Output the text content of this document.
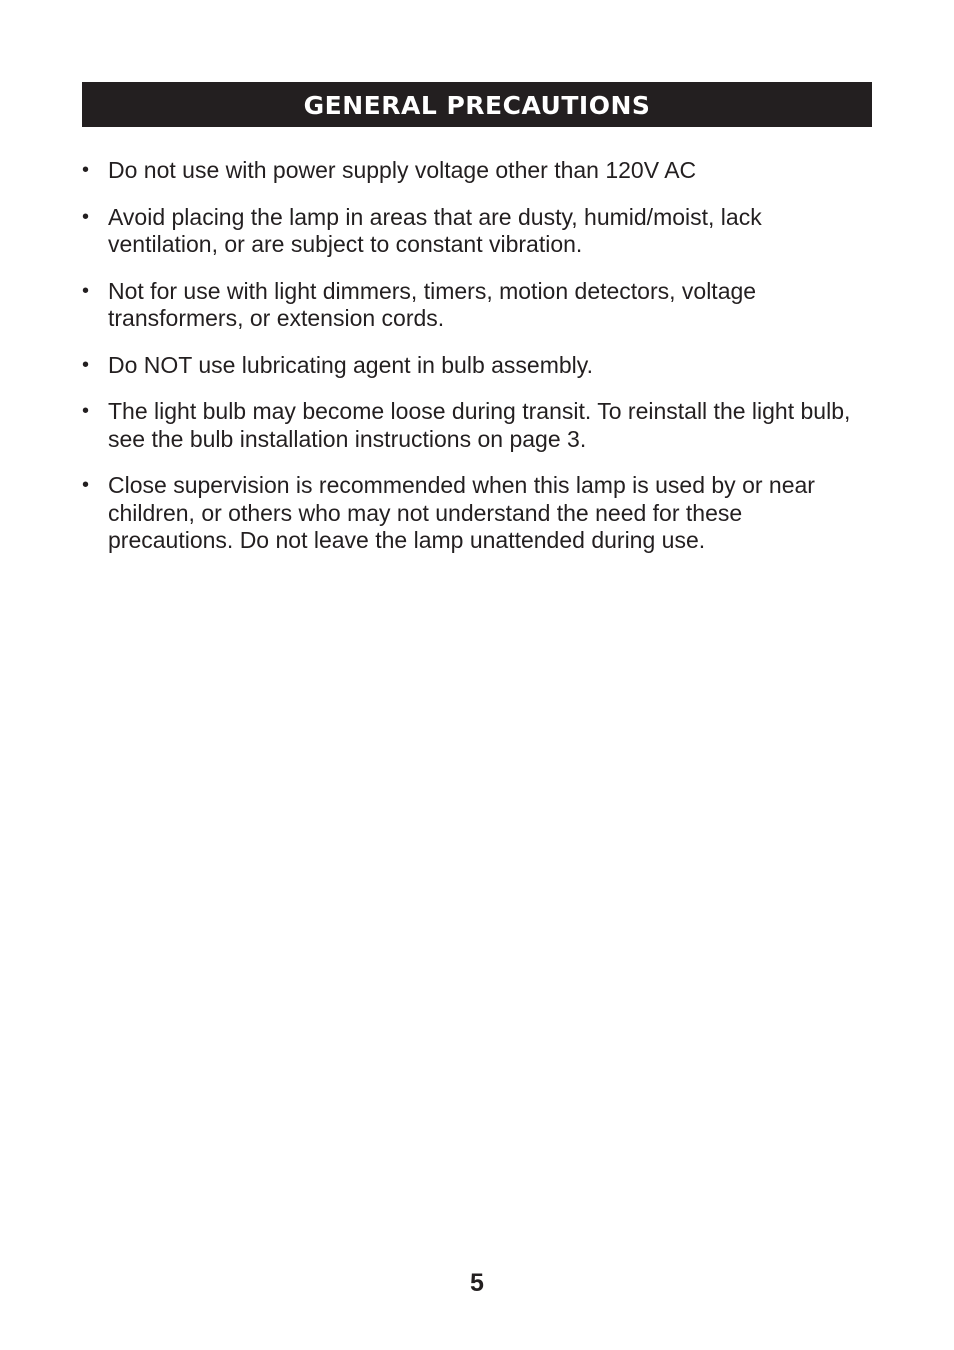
GENERAL PRECAUTIONS
• Do not use with power supply voltage other than 120V AC
• Avoid placing the lamp in areas that are dusty, humid/moist, lack ventilation, or are subject to constant vibration.
• Not for use with light dimmers, timers, motion detectors, voltage transformers, or extension cords.
• Do NOT use lubricating agent in bulb assembly.
• The light bulb may become loose during transit. To reinstall the light bulb, see the bulb installation instructions on page 3.
• Close supervision is recommended when this lamp is used by or near children, or others who may not understand the need for these precautions. Do not leave the lamp unattended during use.
5
